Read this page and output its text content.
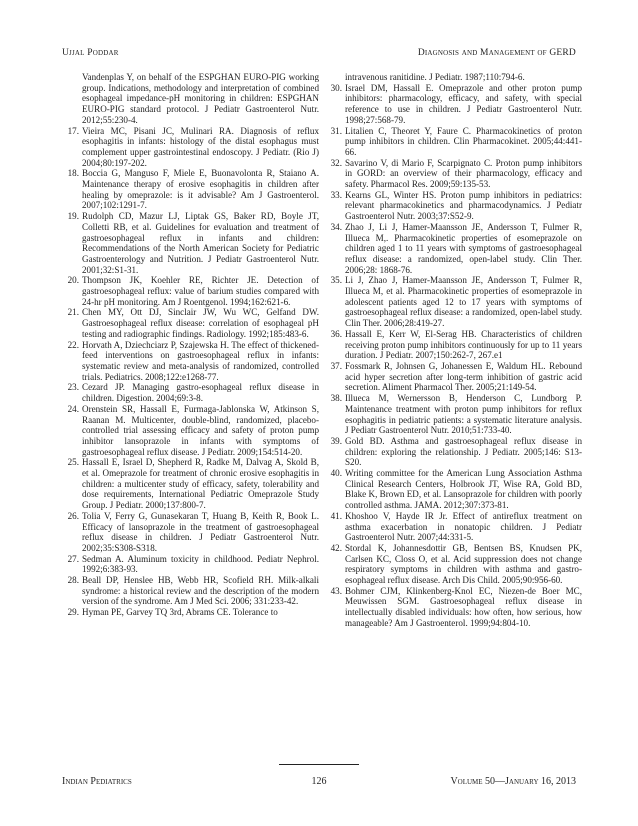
Ujjal Poddar	Diagnosis and Management of GERD

Vandenplas Y, on behalf of the ESPGHAN EURO-PIG working group. Indications, methodology and interpretation of combined esophageal impedance-pH monitoring in children: ESPGHAN EURO-PIG standard protocol. J Pediatr Gastroenterol Nutr. 2012;55:230-4.

17. Vieira MC, Pisani JC, Mulinari RA. Diagnosis of reflux esophagitis in infants: histology of the distal esophagus must complement upper gastrointestinal endoscopy. J Pediatr. (Rio J) 2004;80:197-202.

18. Boccia G, Manguso F, Miele E, Buonavolonta R, Staiano A. Maintenance therapy of erosive esophagitis in children after healing by omeprazole: is it advisable? Am J Gastroenterol. 2007;102:1291-7.

19. Rudolph CD, Mazur LJ, Liptak GS, Baker RD, Boyle JT, Colletti RB, et al. Guidelines for evaluation and treatment of gastroesophageal reflux in infants and children: Recommendations of the North American Society for Pediatric Gastroenterology and Nutrition. J Pediatr Gastroenterol Nutr. 2001;32:S1-31.

20. Thompson JK, Koehler RE, Richter JE. Detection of gastroesophageal reflux: value of barium studies compared with 24-hr pH monitoring. Am J Roentgenol. 1994;162:621-6.

21. Chen MY, Ott DJ, Sinclair JW, Wu WC, Gelfand DW. Gastroesophageal reflux disease: correlation of esophageal pH testing and radiographic findings. Radiology. 1992;185:483-6.

22. Horvath A, Dziechciarz P, Szajewska H. The effect of thickened-feed interventions on gastroesophageal reflux in infants: systematic review and meta-analysis of randomized, controlled trials. Pediatrics. 2008;122:e1268-77.

23. Cezard JP. Managing gastro-esophageal reflux disease in children. Digestion. 2004;69:3-8.

24. Orenstein SR, Hassall E, Furmaga-Jablonska W, Atkinson S, Raanan M. Multicenter, double-blind, randomized, placebo-controlled trial assessing efficacy and safety of proton pump inhibitor lansoprazole in infants with symptoms of gastroesophageal reflux disease. J Pediatr. 2009;154:514-20.

25. Hassall E, Israel D, Shepherd R, Radke M, Dalvag A, Skold B, et al. Omeprazole for treatment of chronic erosive esophagitis in children: a multicenter study of efficacy, safety, tolerability and dose requirements, International Pediatric Omeprazole Study Group. J Pediatr. 2000;137:800-7.

26. Tolia V, Ferry G, Gunasekaran T, Huang B, Keith R, Book L. Efficacy of lansoprazole in the treatment of gastroesophageal reflux disease in children. J Pediatr Gastroenterol Nutr. 2002;35:S308-S318.

27. Sedman A. Aluminum toxicity in childhood. Pediatr Nephrol. 1992;6:383-93.

28. Beall DP, Henslee HB, Webb HR, Scofield RH. Milk-alkali syndrome: a historical review and the description of the modern version of the syndrome. Am J Med Sci. 2006; 331:233-42.

29. Hyman PE, Garvey TQ 3rd, Abrams CE. Tolerance to

intravenous ranitidine. J Pediatr. 1987;110:794-6.

30. Israel DM, Hassall E. Omeprazole and other proton pump inhibitors: pharmacology, efficacy, and safety, with special reference to use in children. J Pediatr Gastroenterol Nutr. 1998;27:568-79.

31. Litalien C, Theoret Y, Faure C. Pharmacokinetics of proton pump inhibitors in children. Clin Pharmacokinet. 2005;44:441-66.

32. Savarino V, di Mario F, Scarpignato C. Proton pump inhibitors in GORD: an overview of their pharmacology, efficacy and safety. Pharmacol Res. 2009;59:135-53.

33. Kearns GL, Winter HS. Proton pump inhibitors in pediatrics: relevant pharmacokinetics and pharmacodynamics. J Pediatr Gastroenterol Nutr. 2003;37:S52-9.

34. Zhao J, Li J, Hamer-Maansson JE, Andersson T, Fulmer R, Illueca M,. Pharmacokinetic properties of esomeprazole on children aged 1 to 11 years with symptoms of gastroesophageal reflux disease: a randomized, open-label study. Clin Ther. 2006;28: 1868-76.

35. Li J, Zhao J, Hamer-Maansson JE, Andersson T, Fulmer R, Illueca M, et al. Pharmacokinetic properties of esomeprazole in adolescent patients aged 12 to 17 years with symptoms of gastroesophageal reflux disease: a randomized, open-label study. Clin Ther. 2006;28:419-27.

36. Hassall E, Kerr W, El-Serag HB. Characteristics of children receiving proton pump inhibitors continuously for up to 11 years duration. J Pediatr. 2007;150:262-7, 267.e1

37. Fossmark R, Johnsen G, Johanessen E, Waldum HL. Rebound acid hyper secretion after long-term inhibition of gastric acid secretion. Aliment Pharmacol Ther. 2005;21:149-54.

38. Illueca M, Wernersson B, Henderson C, Lundborg P. Maintenance treatment with proton pump inhibitors for reflux esophagitis in pediatric patients: a systematic literature analysis. J Pediatr Gastroenterol Nutr. 2010;51:733-40.

39. Gold BD. Asthma and gastroesophageal reflux disease in children: exploring the relationship. J Pediatr. 2005;146: S13-S20.

40. Writing committee for the American Lung Association Asthma Clinical Research Centers, Holbrook JT, Wise RA, Gold BD, Blake K, Brown ED, et al. Lansoprazole for children with poorly controlled asthma. JAMA. 2012;307:373-81.

41. Khoshoo V, Hayde IR Jr. Effect of antireflux treatment on asthma exacerbation in nonatopic children. J Pediatr Gastroenterol Nutr. 2007;44:331-5.

42. Stordal K, Johannesdottir GB, Bentsen BS, Knudsen PK, Carlsen KC, Closs O, et al. Acid suppression does not change respiratory symptoms in children with asthma and gastro-esophageal reflux disease. Arch Dis Child. 2005;90:956-60.

43. Bohmer CJM, Klinkenberg-Knol EC, Niezen-de Boer MC, Meuwissen SGM. Gastroesophageal reflux disease in intellectually disabled individuals: how often, how serious, how manageable? Am J Gastroenterol. 1999;94:804-10.

Indian Pediatrics	126	Volume 50—January 16, 2013
